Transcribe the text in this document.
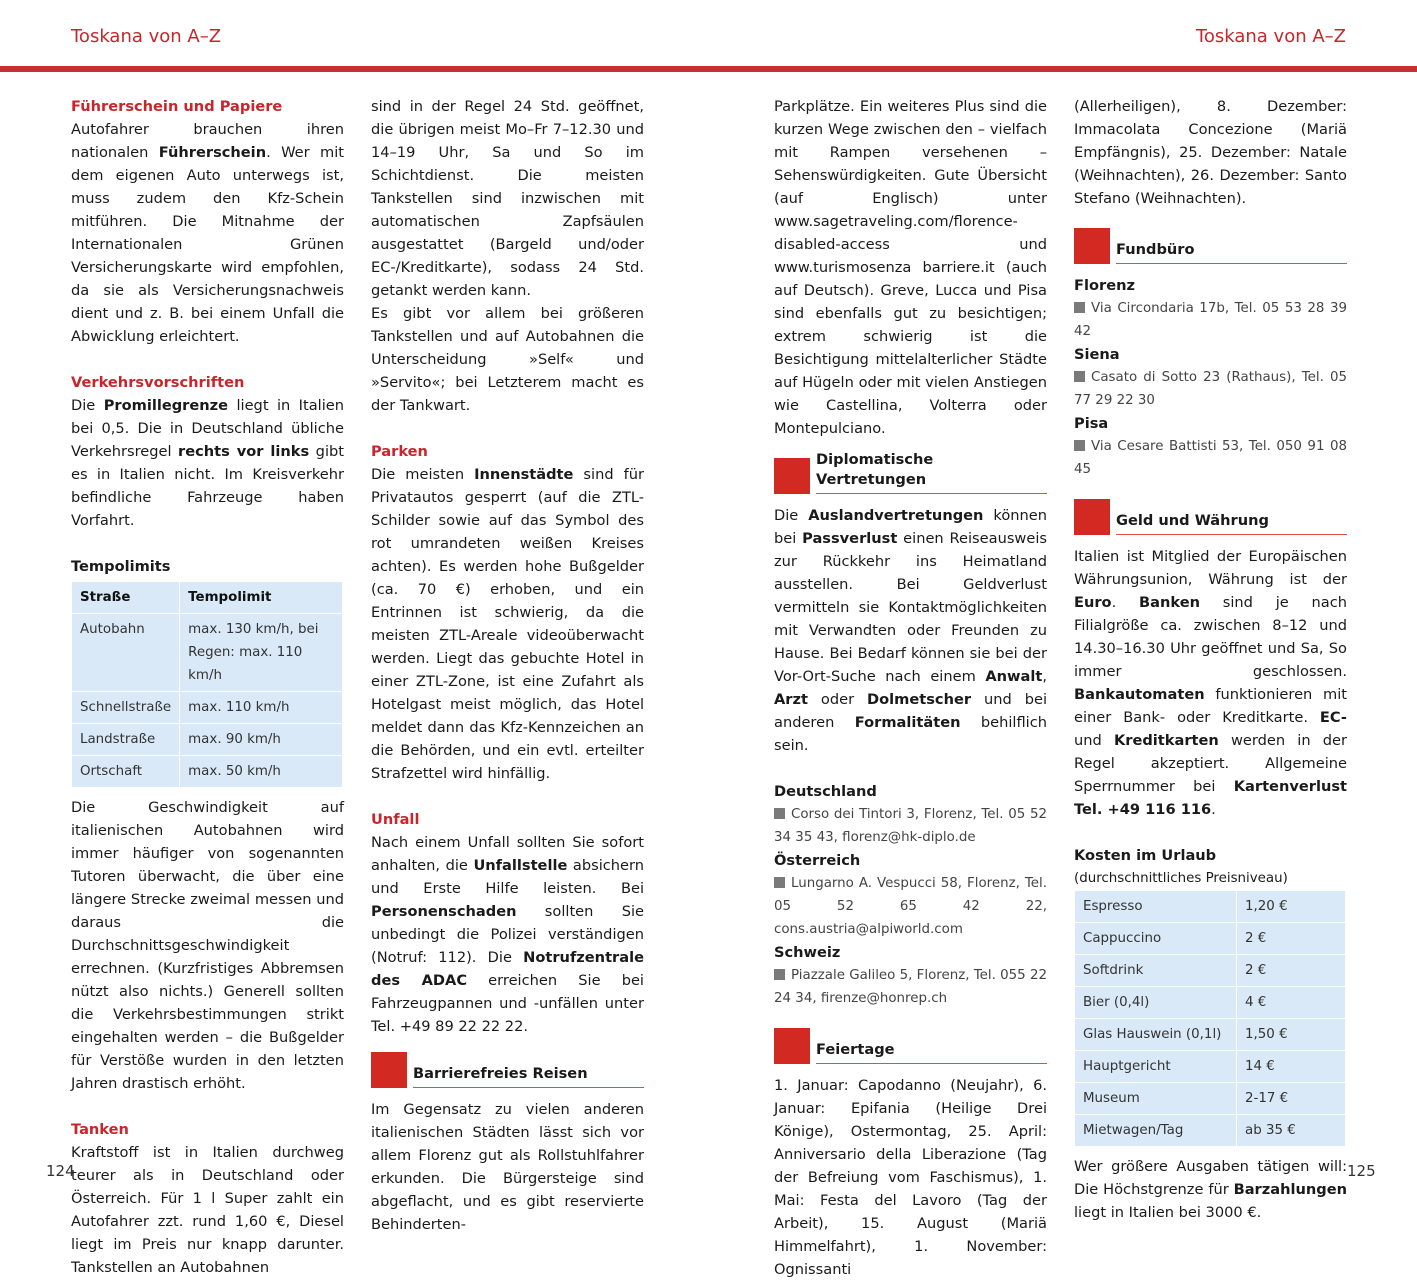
Toskana von A–Z	Toskana von A–Z

Führerschein und Papiere

Autofahrer brauchen ihren nationalen Führerschein. Wer mit dem eigenen Auto unterwegs ist, muss zudem den Kfz-Schein mitführen. Die Mitnahme der Internationalen Grünen Versicherungskarte wird empfohlen, da sie als Versicherungsnachweis dient und z. B. bei einem Unfall die Abwicklung erleichtert.

Verkehrsvorschriften

Die Promillegrenze liegt in Italien bei 0,5. Die in Deutschland übliche Verkehrsregel rechts vor links gibt es in Italien nicht. Im Kreisverkehr befindliche Fahrzeuge haben Vorfahrt.

Tempolimits

Straße	Tempolimit
Autobahn	max. 130 km/h, bei Regen: max. 110 km/h
Schnellstraße	max. 110 km/h
Landstraße	max. 90 km/h
Ortschaft	max. 50 km/h

Die Geschwindigkeit auf italienischen Autobahnen wird immer häufiger von sogenannten Tutoren überwacht, die über eine längere Strecke zweimal messen und daraus die Durchschnittsgeschwindigkeit errechnen. (Kurzfristiges Abbremsen nützt also nichts.) Generell sollten die Verkehrsbestimmungen strikt eingehalten werden – die Bußgelder für Verstöße wurden in den letzten Jahren drastisch erhöht.

Tanken

Kraftstoff ist in Italien durchweg teurer als in Deutschland oder Österreich. Für 1 l Super zahlt ein Autofahrer zzt. rund 1,60 €, Diesel liegt im Preis nur knapp darunter. Tankstellen an Autobahnen

sind in der Regel 24 Std. geöffnet, die übrigen meist Mo–Fr 7–12.30 und 14–19 Uhr, Sa und So im Schichtdienst. Die meisten Tankstellen sind inzwischen mit automatischen Zapfsäulen ausgestattet (Bargeld und/oder EC-/Kreditkarte), sodass 24 Std. getankt werden kann.

Es gibt vor allem bei größeren Tankstellen und auf Autobahnen die Unterscheidung »Self« und »Servito«; bei Letzterem macht es der Tankwart.

Parken

Die meisten Innenstädte sind für Privatautos gesperrt (auf die ZTL-Schilder sowie auf das Symbol des rot umrandeten weißen Kreises achten). Es werden hohe Bußgelder (ca. 70 €) erhoben, und ein Entrinnen ist schwierig, da die meisten ZTL-Areale videoüberwacht werden. Liegt das gebuchte Hotel in einer ZTL-Zone, ist eine Zufahrt als Hotelgast meist möglich, das Hotel meldet dann das Kfz-Kennzeichen an die Behörden, und ein evtl. erteilter Strafzettel wird hinfällig.

Unfall

Nach einem Unfall sollten Sie sofort anhalten, die Unfallstelle absichern und Erste Hilfe leisten. Bei Personenschaden sollten Sie unbedingt die Polizei verständigen (Notruf: 112). Die Notrufzentrale des ADAC erreichen Sie bei Fahrzeugpannen und -unfällen unter Tel. +49 89 22 22 22.

Barrierefreies Reisen

Im Gegensatz zu vielen anderen italienischen Städten lässt sich vor allem Florenz gut als Rollstuhlfahrer erkunden. Die Bürgersteige sind abgeflacht, und es gibt reservierte Behinderten-

Parkplätze. Ein weiteres Plus sind die kurzen Wege zwischen den – vielfach mit Rampen versehenen – Sehenswürdigkeiten. Gute Übersicht (auf Englisch) unter www.sagetraveling.com/florence-disabled-access und www.turismosenza barriere.it (auch auf Deutsch). Greve, Lucca und Pisa sind ebenfalls gut zu besichtigen; extrem schwierig ist die Besichtigung mittelalterlicher Städte auf Hügeln oder mit vielen Anstiegen wie Castellina, Volterra oder Montepulciano.

Diplomatische Vertretungen

Die Auslandvertretungen können bei Passverlust einen Reiseausweis zur Rückkehr ins Heimatland ausstellen. Bei Geldverlust vermitteln sie Kontaktmöglichkeiten mit Verwandten oder Freunden zu Hause. Bei Bedarf können sie bei der Vor-Ort-Suche nach einem Anwalt, Arzt oder Dolmetscher und bei anderen Formalitäten behilflich sein.

Deutschland

Corso dei Tintori 3, Florenz, Tel. 05 52 34 35 43, florenz@hk-diplo.de

Österreich

Lungarno A. Vespucci 58, Florenz, Tel. 05 52 65 42 22, cons.austria@alpiworld.com

Schweiz

Piazzale Galileo 5, Florenz, Tel. 055 22 24 34, firenze@honrep.ch

Feiertage

1. Januar: Capodanno (Neujahr), 6. Januar: Epifania (Heilige Drei Könige), Ostermontag, 25. April: Anniversario della Liberazione (Tag der Befreiung vom Faschismus), 1. Mai: Festa del Lavoro (Tag der Arbeit), 15. August (Mariä Himmelfahrt), 1. November: Ognissanti

(Allerheiligen), 8. Dezember: Immacolata Concezione (Mariä Empfängnis), 25. Dezember: Natale (Weihnachten), 26. Dezember: Santo Stefano (Weihnachten).

Fundbüro

Florenz

Via Circondaria 17b, Tel. 05 53 28 39 42

Siena

Casato di Sotto 23 (Rathaus), Tel. 05 77 29 22 30

Pisa

Via Cesare Battisti 53, Tel. 050 91 08 45

Geld und Währung

Italien ist Mitglied der Europäischen Währungsunion, Währung ist der Euro. Banken sind je nach Filialgröße ca. zwischen 8–12 und 14.30–16.30 Uhr geöffnet und Sa, So immer geschlossen. Bankautomaten funktionieren mit einer Bank- oder Kreditkarte. EC- und Kreditkarten werden in der Regel akzeptiert. Allgemeine Sperrnummer bei Kartenverlust Tel. +49 116 116.

Kosten im Urlaub

(durchschnittliches Preisniveau)

Espresso	1,20 €
Cappuccino	2 €
Softdrink	2 €
Bier (0,4l)	4 €
Glas Hauswein (0,1l)	1,50 €
Hauptgericht	14 €
Museum	2-17 €
Mietwagen/Tag	ab 35 €

Wer größere Ausgaben tätigen will: Die Höchstgrenze für Barzahlungen liegt in Italien bei 3000 €.

124	125
